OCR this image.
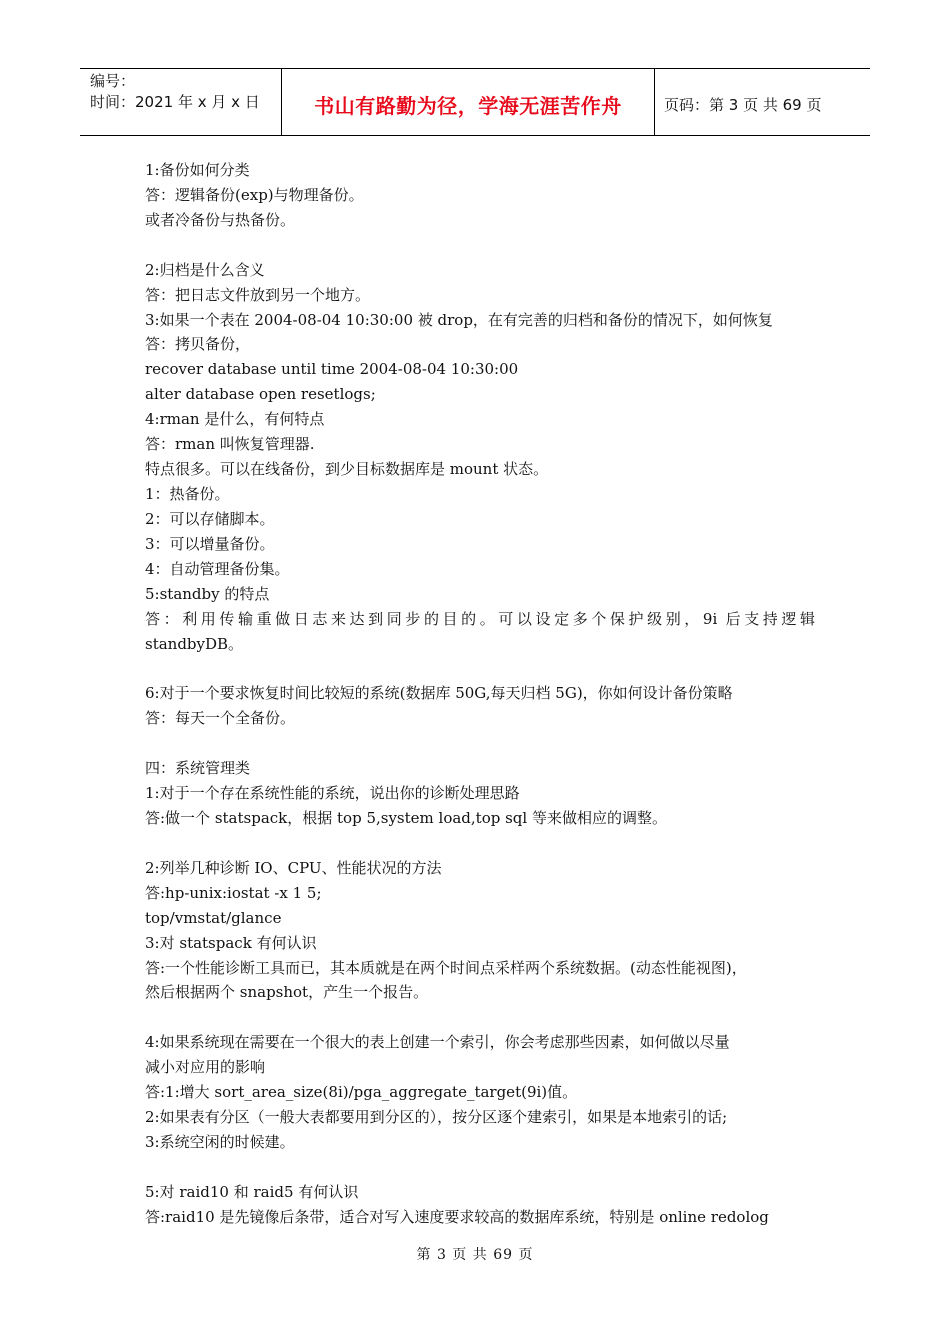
编号：
时间：2021 年 x 月 x 日	书山有路勤为径，学海无涯苦作舟	页码：第 3 页 共 69 页
1:备份如何分类
答：逻辑备份(exp)与物理备份。
或者冷备份与热备份。

2:归档是什么含义
答：把日志文件放到另一个地方。
3:如果一个表在 2004-08-04 10:30:00 被 drop，在有完善的归档和备份的情况下，如何恢复
答：拷贝备份，
recover database until time 2004-08-04 10:30:00
alter database open resetlogs;
4:rman 是什么，有何特点
答：rman 叫恢复管理器.
特点很多。可以在线备份，到少目标数据库是 mount 状态。
1：热备份。
2：可以存储脚本。
3：可以增量备份。
4：自动管理备份集。
5:standby 的特点
答：利用传输重做日志来达到同步的目的。可以设定多个保护级别，9i 后支持逻辑
standbyDB。

6:对于一个要求恢复时间比较短的系统(数据库 50G,每天归档 5G)，你如何设计备份策略
答：每天一个全备份。

四：系统管理类
1:对于一个存在系统性能的系统，说出你的诊断处理思路
答:做一个 statspack，根据 top 5,system load,top sql 等来做相应的调整。

2:列举几种诊断 IO、CPU、性能状况的方法
答:hp-unix:iostat -x 1 5;
top/vmstat/glance
3:对 statspack 有何认识
答:一个性能诊断工具而已，其本质就是在两个时间点采样两个系统数据。(动态性能视图)，
然后根据两个 snapshot，产生一个报告。

4:如果系统现在需要在一个很大的表上创建一个索引，你会考虑那些因素，如何做以尽量
减小对应用的影响
答:1:增大 sort_area_size(8i)/pga_aggregate_target(9i)值。
2:如果表有分区（一般大表都要用到分区的），按分区逐个建索引，如果是本地索引的话;
3:系统空闲的时候建。

5:对 raid10 和 raid5 有何认识
答:raid10 是先镜像后条带，适合对写入速度要求较高的数据库系统，特别是 online redolog
第 3 页 共 69 页
